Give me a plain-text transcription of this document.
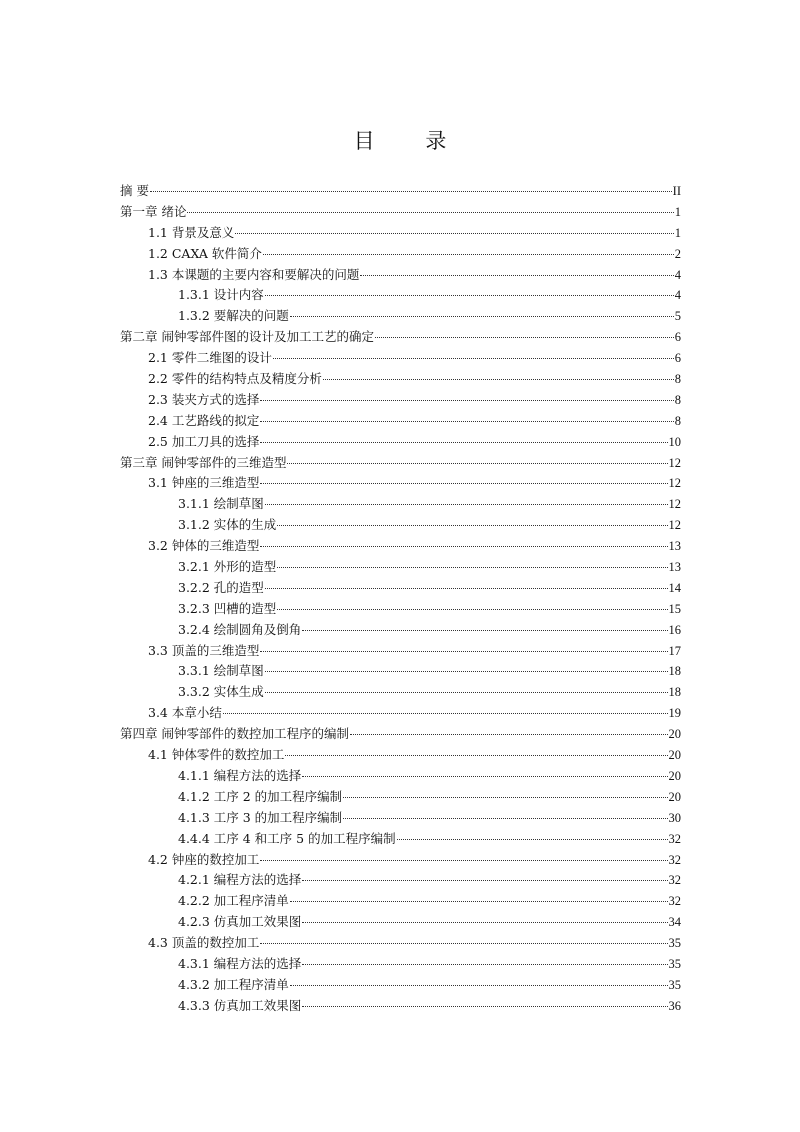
目 录
摘 要	II
第一章 绪论	1
1.1 背景及意义	1
1.2 CAXA 软件简介	2
1.3 本课题的主要内容和要解决的问题	4
1.3.1 设计内容	4
1.3.2 要解决的问题	5
第二章 闹钟零部件图的设计及加工工艺的确定	6
2.1 零件二维图的设计	6
2.2 零件的结构特点及精度分析	8
2.3 装夹方式的选择	8
2.4 工艺路线的拟定	8
2.5 加工刀具的选择	10
第三章 闹钟零部件的三维造型	12
3.1 钟座的三维造型	12
3.1.1 绘制草图	12
3.1.2 实体的生成	12
3.2 钟体的三维造型	13
3.2.1 外形的造型	13
3.2.2 孔的造型	14
3.2.3 凹槽的造型	15
3.2.4 绘制圆角及倒角	16
3.3 顶盖的三维造型	17
3.3.1 绘制草图	18
3.3.2 实体生成	18
3.4 本章小结	19
第四章 闹钟零部件的数控加工程序的编制	20
4.1 钟体零件的数控加工	20
4.1.1 编程方法的选择	20
4.1.2 工序 2 的加工程序编制	20
4.1.3 工序 3 的加工程序编制	30
4.4.4 工序 4 和工序 5 的加工程序编制	32
4.2 钟座的数控加工	32
4.2.1 编程方法的选择	32
4.2.2 加工程序清单	32
4.2.3 仿真加工效果图	34
4.3 顶盖的数控加工	35
4.3.1 编程方法的选择	35
4.3.2 加工程序清单	35
4.3.3 仿真加工效果图	36
